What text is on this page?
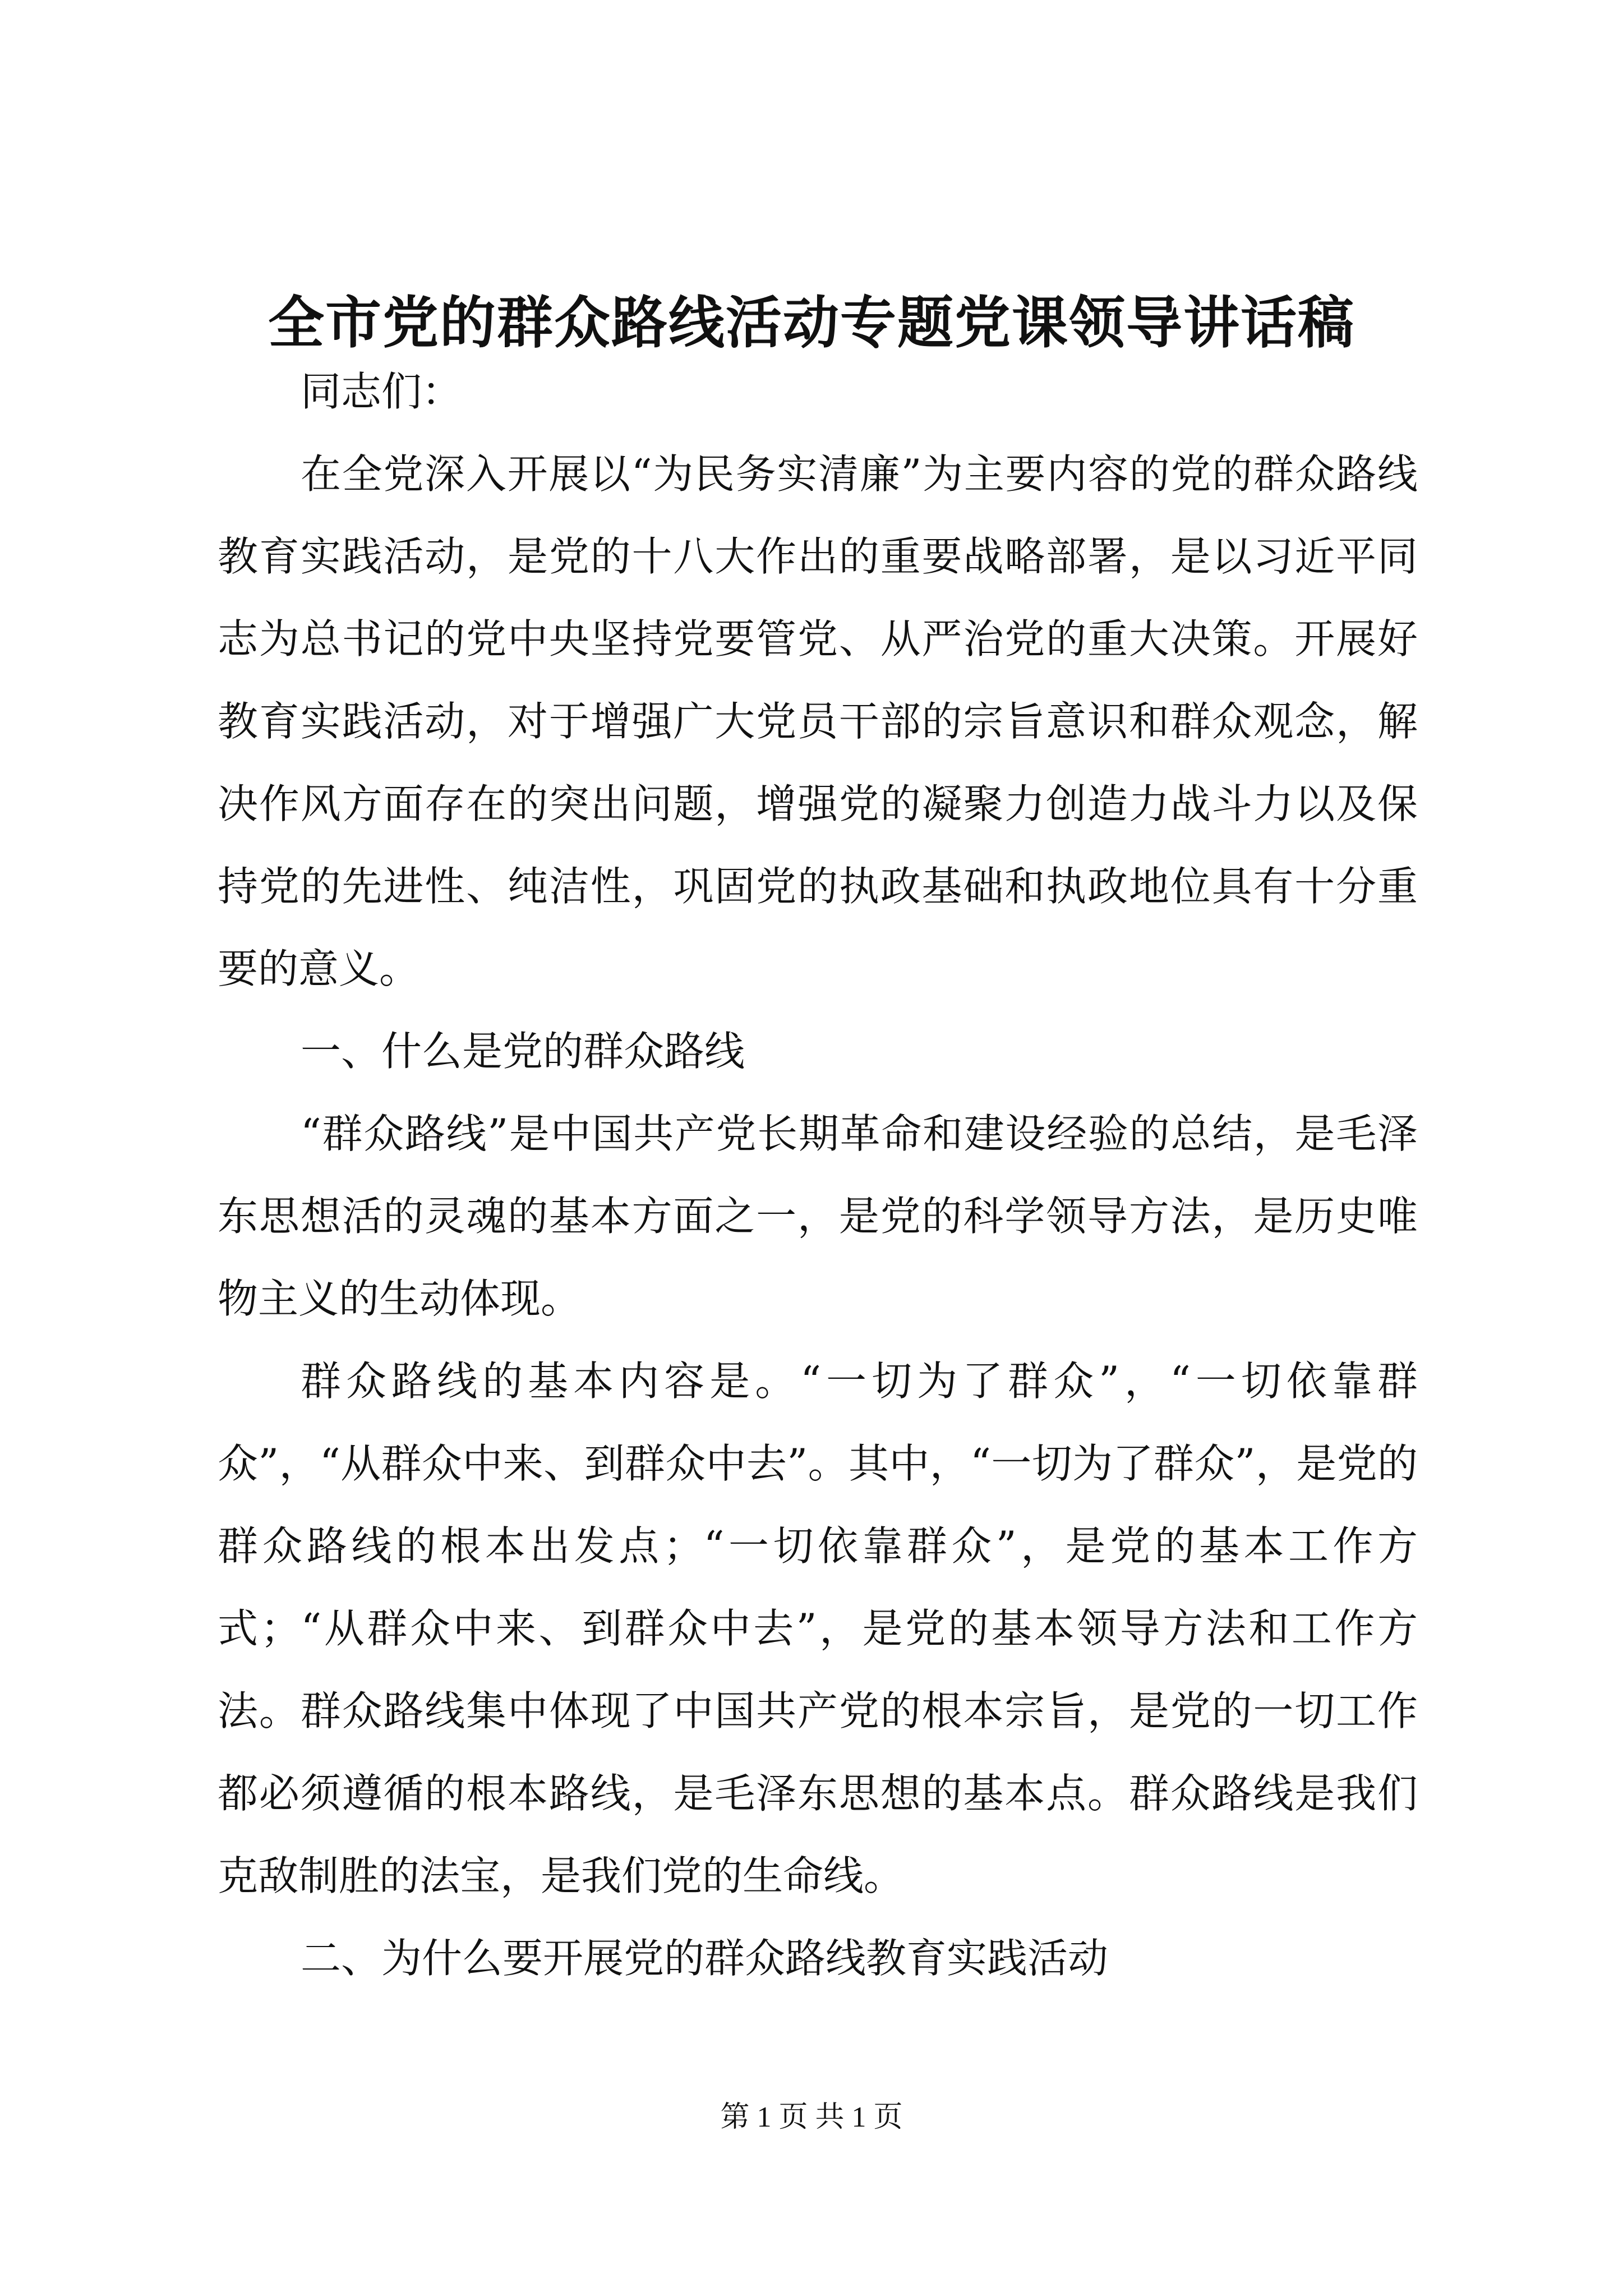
全市党的群众路线活动专题党课领导讲话稿

同志们：

在全党深入开展以“为民务实清廉”为主要内容的党的群众路线教育实践活动，是党的十八大作出的重要战略部署，是以习近平同志为总书记的党中央坚持党要管党、从严治党的重大决策。开展好教育实践活动，对于增强广大党员干部的宗旨意识和群众观念，解决作风方面存在的突出问题，增强党的凝聚力创造力战斗力以及保持党的先进性、纯洁性，巩固党的执政基础和执政地位具有十分重要的意义。

一、什么是党的群众路线

“群众路线”是中国共产党长期革命和建设经验的总结，是毛泽东思想活的灵魂的基本方面之一，是党的科学领导方法，是历史唯物主义的生动体现。

群众路线的基本内容是。“一切为了群众”，“一切依靠群众”，“从群众中来、到群众中去”。其中，“一切为了群众”，是党的群众路线的根本出发点；“一切依靠群众”，是党的基本工作方式；“从群众中来、到群众中去”，是党的基本领导方法和工作方法。群众路线集中体现了中国共产党的根本宗旨，是党的一切工作都必须遵循的根本路线，是毛泽东思想的基本点。群众路线是我们克敌制胜的法宝，是我们党的生命线。

二、为什么要开展党的群众路线教育实践活动

第 1 页 共 1 页
